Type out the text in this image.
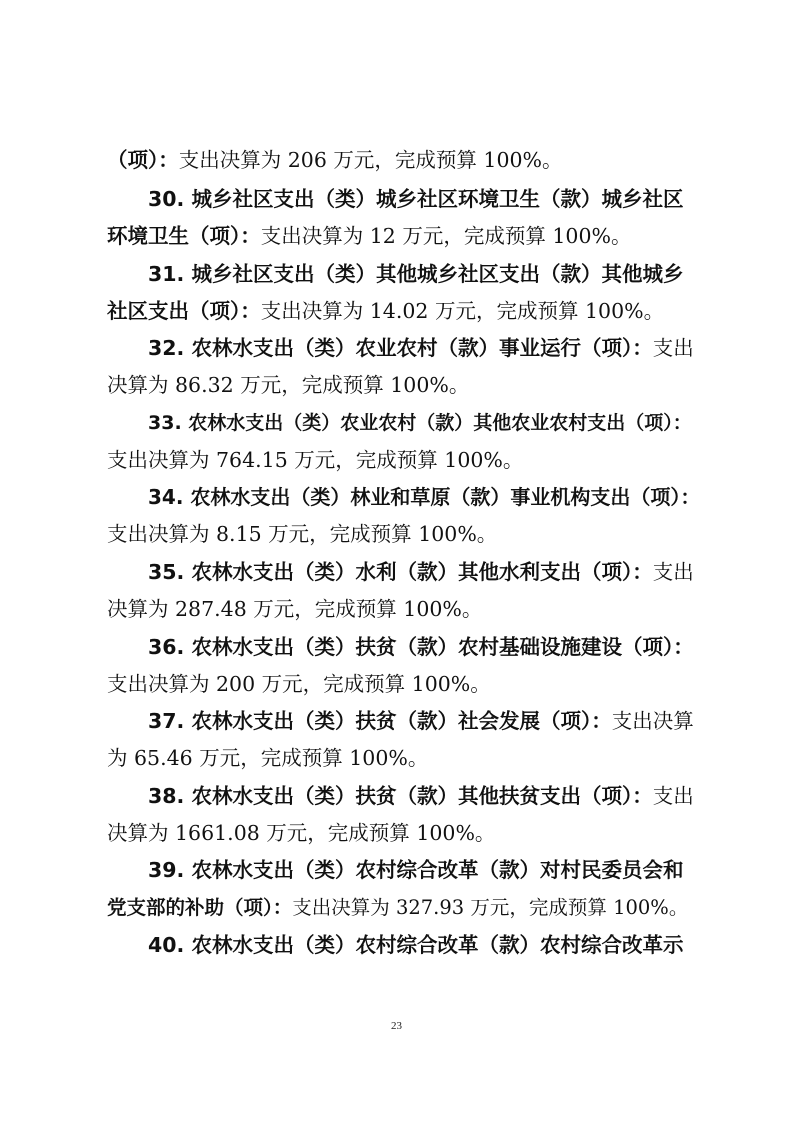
（项）：支出决算为 206 万元，完成预算 100%。
30. 城乡社区支出（类）城乡社区环境卫生（款）城乡社区
环境卫生（项）：支出决算为 12 万元，完成预算 100%。
31. 城乡社区支出（类）其他城乡社区支出（款）其他城乡
社区支出（项）：支出决算为 14.02 万元，完成预算 100%。
32. 农林水支出（类）农业农村（款）事业运行（项）：支出
决算为 86.32 万元，完成预算 100%。
33. 农林水支出（类）农业农村（款）其他农业农村支出（项）：
支出决算为 764.15 万元，完成预算 100%。
34. 农林水支出（类）林业和草原（款）事业机构支出（项）：
支出决算为 8.15 万元，完成预算 100%。
35. 农林水支出（类）水利（款）其他水利支出（项）：支出
决算为 287.48 万元，完成预算 100%。
36. 农林水支出（类）扶贫（款）农村基础设施建设（项）：
支出决算为 200 万元，完成预算 100%。
37. 农林水支出（类）扶贫（款）社会发展（项）：支出决算
为 65.46 万元，完成预算 100%。
38. 农林水支出（类）扶贫（款）其他扶贫支出（项）：支出
决算为 1661.08 万元，完成预算 100%。
39. 农林水支出（类）农村综合改革（款）对村民委员会和
党支部的补助（项）：支出决算为 327.93 万元，完成预算 100%。
40. 农林水支出（类）农村综合改革（款）农村综合改革示
23
